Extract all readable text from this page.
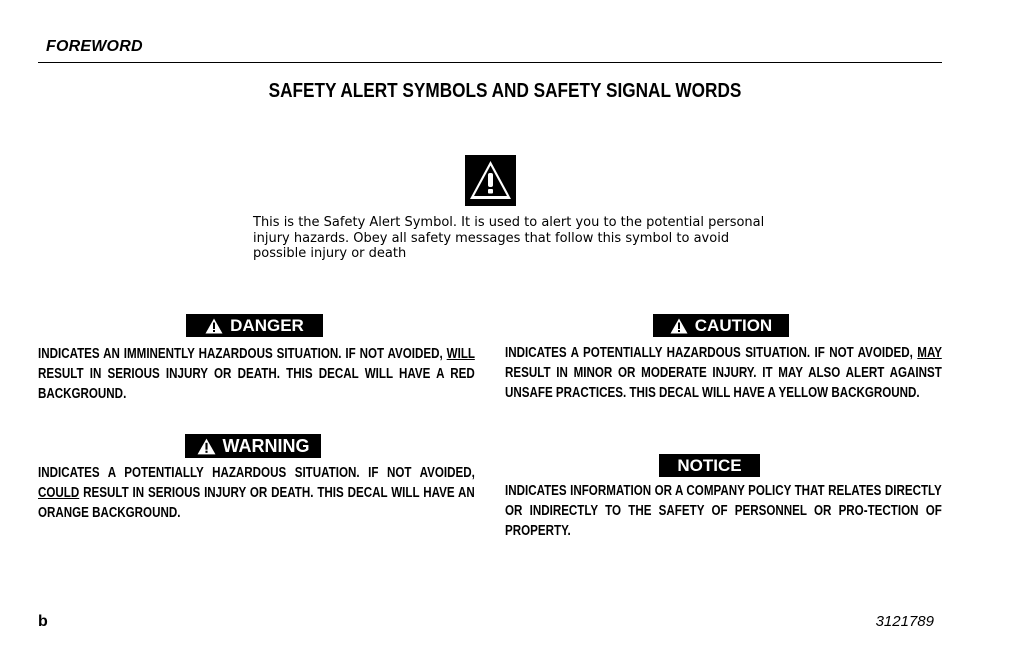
FOREWORD
SAFETY ALERT SYMBOLS AND SAFETY SIGNAL WORDS
This is the Safety Alert Symbol. It is used to alert you to the potential personal injury hazards. Obey all safety messages that follow this symbol to avoid possible injury or death
DANGER
INDICATES AN IMMINENTLY HAZARDOUS SITUATION. IF NOT AVOIDED, WILL RESULT IN SERIOUS INJURY OR DEATH. THIS DECAL WILL HAVE A RED BACKGROUND.
WARNING
INDICATES A POTENTIALLY HAZARDOUS SITUATION. IF NOT AVOIDED, COULD RESULT IN SERIOUS INJURY OR DEATH. THIS DECAL WILL HAVE AN ORANGE BACKGROUND.
CAUTION
INDICATES A POTENTIALLY HAZARDOUS SITUATION. IF NOT AVOIDED, MAY RESULT IN MINOR OR MODERATE INJURY. IT MAY ALSO ALERT AGAINST UNSAFE PRACTICES. THIS DECAL WILL HAVE A YELLOW BACKGROUND.
NOTICE
INDICATES INFORMATION OR A COMPANY POLICY THAT RELATES DIRECTLY OR INDIRECTLY TO THE SAFETY OF PERSONNEL OR PRO-TECTION OF PROPERTY.
b	3121789
